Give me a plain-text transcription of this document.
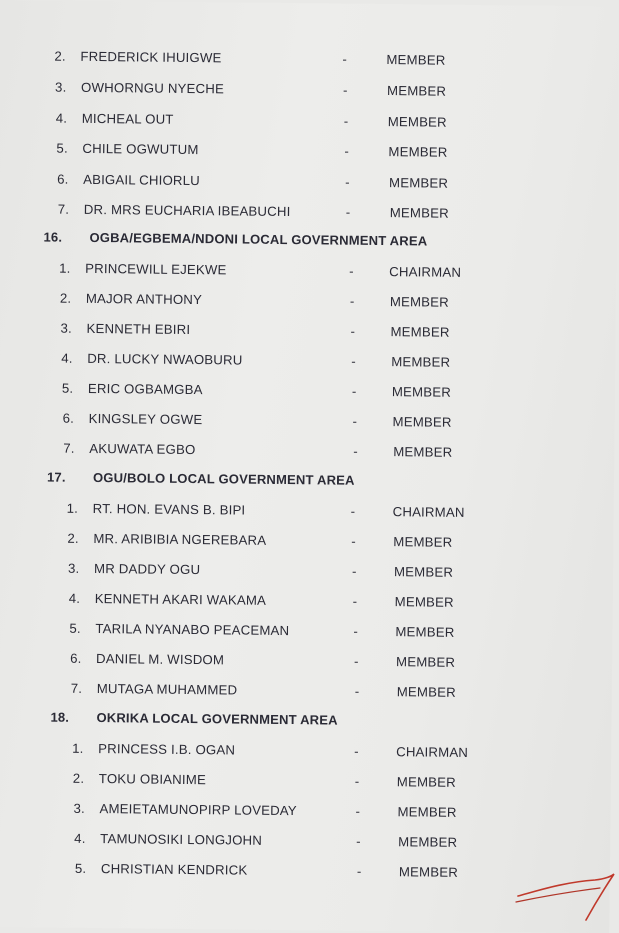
2. FREDERICK IHUIGWE	-	MEMBER
3. OWHORNGU NYECHE	-	MEMBER
4. MICHEAL OUT	-	MEMBER
5. CHILE OGWUTUM	-	MEMBER
6. ABIGAIL CHIORLU	-	MEMBER
7. DR. MRS EUCHARIA IBEABUCHI	-	MEMBER
16. OGBA/EGBEMA/NDONI LOCAL GOVERNMENT AREA
1. PRINCEWILL EJEKWE	-	CHAIRMAN
2. MAJOR ANTHONY	-	MEMBER
3. KENNETH EBIRI	-	MEMBER
4. DR. LUCKY NWAOBURU	-	MEMBER
5. ERIC OGBAMGBA	-	MEMBER
6. KINGSLEY OGWE	-	MEMBER
7. AKUWATA EGBO	-	MEMBER
17. OGU/BOLO LOCAL GOVERNMENT AREA
1. RT. HON. EVANS B. BIPI	-	CHAIRMAN
2. MR. ARIBIBIA NGEREBARA	-	MEMBER
3. MR DADDY OGU	-	MEMBER
4. KENNETH AKARI WAKAMA	-	MEMBER
5. TARILA NYANABO PEACEMAN	-	MEMBER
6. DANIEL M. WISDOM	-	MEMBER
7. MUTAGA MUHAMMED	-	MEMBER
18. OKRIKA LOCAL GOVERNMENT AREA
1. PRINCESS I.B. OGAN	-	CHAIRMAN
2. TOKU OBIANIME	-	MEMBER
3. AMEIETAMUNOPIRP LOVEDAY	-	MEMBER
4. TAMUNOSIKI LONGJOHN	-	MEMBER
5. CHRISTIAN KENDRICK	-	MEMBER
